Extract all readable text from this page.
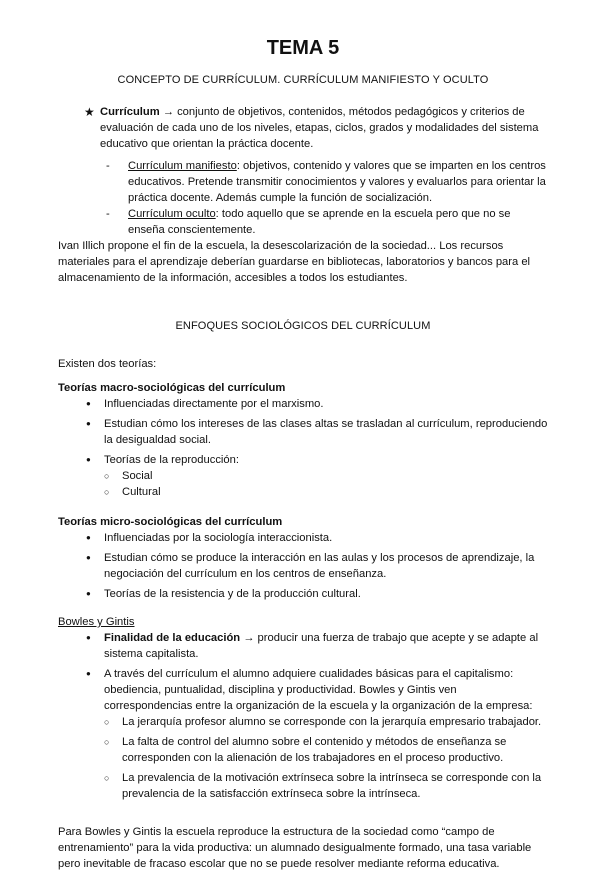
TEMA 5

CONCEPTO DE CURRÍCULUM. CURRÍCULUM MANIFIESTO Y OCULTO

★ Currículum → conjunto de objetivos, contenidos, métodos pedagógicos y criterios de evaluación de cada uno de los niveles, etapas, ciclos, grados y modalidades del sistema educativo que orientan la práctica docente.
-	Currículum manifiesto: objetivos, contenido y valores que se imparten en los centros educativos. Pretende transmitir conocimientos y valores y evaluarlos para orientar la práctica docente. Además cumple la función de socialización.
-	Currículum oculto: todo aquello que se aprende en la escuela pero que no se enseña conscientemente.

Ivan Illich propone el fin de la escuela, la desescolarización de la sociedad... Los recursos materiales para el aprendizaje deberían guardarse en bibliotecas, laboratorios y bancos para el almacenamiento de la información, accesibles a todos los estudiantes.

ENFOQUES SOCIOLÓGICOS DEL CURRÍCULUM

Existen dos teorías:

Teorías macro-sociológicas del currículum

●	Influenciadas directamente por el marxismo.
●	Estudian cómo los intereses de las clases altas se trasladan al currículum, reproduciendo la desigualdad social.
●	Teorías de la reproducción:
○	Social
○	Cultural

Teorías micro-sociológicas del currículum

●	Influenciadas por la sociología interaccionista.
●	Estudian cómo se produce la interacción en las aulas y los procesos de aprendizaje, la negociación del currículum en los centros de enseñanza.
●	Teorías de la resistencia y de la producción cultural.

Bowles y Gintis

●	Finalidad de la educación → producir una fuerza de trabajo que acepte y se adapte al sistema capitalista.
●	A través del currículum el alumno adquiere cualidades básicas para el capitalismo: obediencia, puntualidad, disciplina y productividad. Bowles y Gintis ven correspondencias entre la organización de la escuela y la organización de la empresa:
○	La jerarquía profesor alumno se corresponde con la jerarquía empresario trabajador.
○	La falta de control del alumno sobre el contenido y métodos de enseñanza se corresponden con la alienación de los trabajadores en el proceso productivo.
○	La prevalencia de la motivación extrínseca sobre la intrínseca se corresponde con la prevalencia de la satisfacción extrínseca sobre la intrínseca.

Para Bowles y Gintis la escuela reproduce la estructura de la sociedad como “campo de entrenamiento” para la vida productiva: un alumnado desigualmente formado, una tasa variable pero inevitable de fracaso escolar que no se puede resolver mediante reforma educativa.
